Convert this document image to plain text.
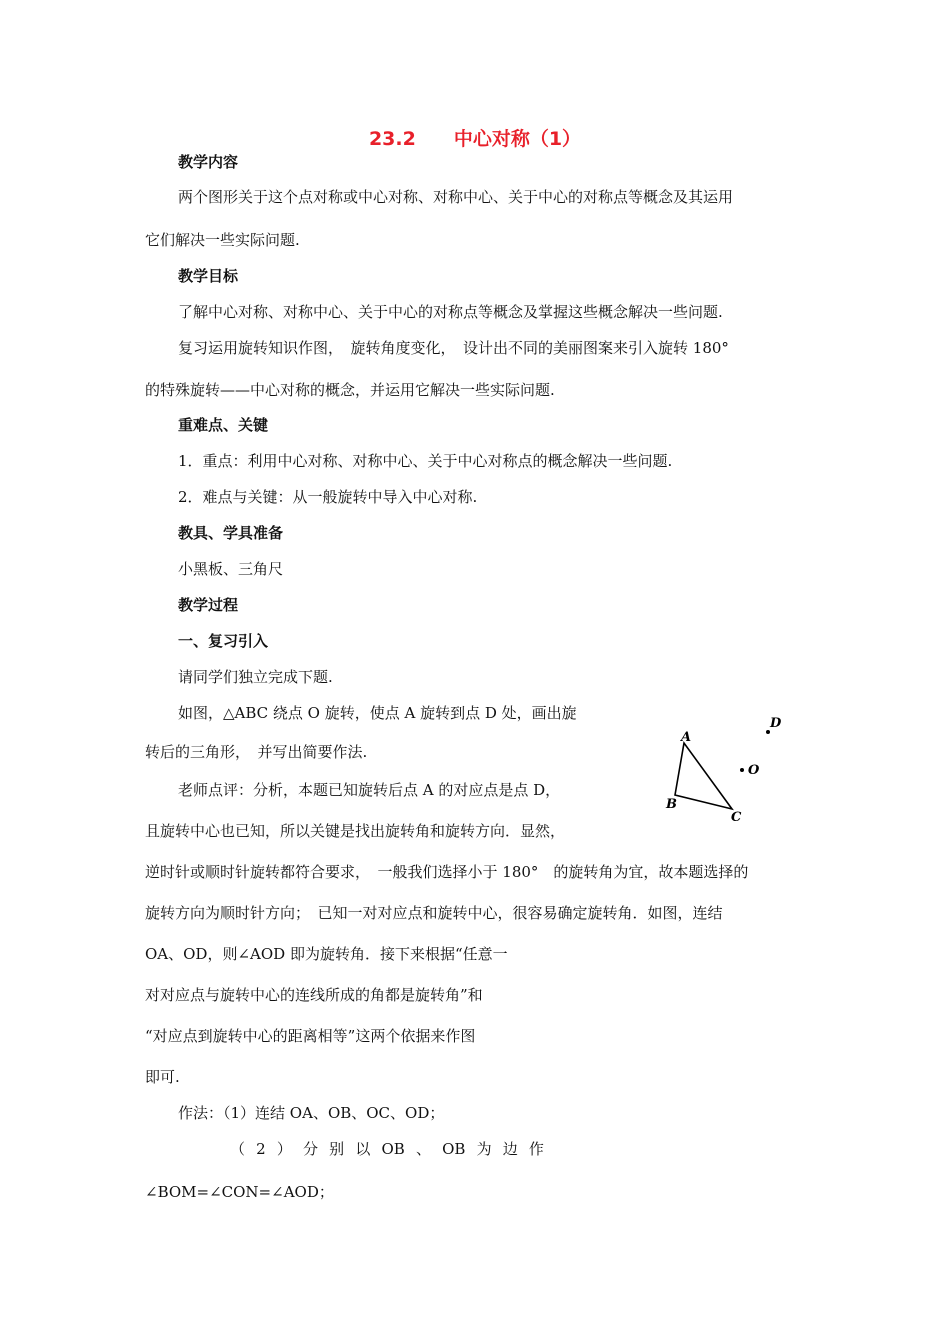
23.2　　中心对称（1）
教学内容
两个图形关于这个点对称或中心对称、对称中心、关于中心的对称点等概念及其运用
它们解决一些实际问题.
教学目标
了解中心对称、对称中心、关于中心的对称点等概念及掌握这些概念解决一些问题.
复习运用旋转知识作图，　旋转角度变化，　设计出不同的美丽图案来引入旋转 180°
的特殊旋转——中心对称的概念，并运用它解决一些实际问题.
重难点、关键
1．重点：利用中心对称、对称中心、关于中心对称点的概念解决一些问题.
2．难点与关键：从一般旋转中导入中心对称.
教具、学具准备
小黑板、三角尺
教学过程
一、复习引入
请同学们独立完成下题.
如图，△ABC 绕点 O 旋转，使点 A 旋转到点 D 处，画出旋
转后的三角形，　并写出简要作法.
老师点评：分析，本题已知旋转后点 A 的对应点是点 D，
且旋转中心也已知，所以关键是找出旋转角和旋转方向．显然，
逆时针或顺时针旋转都符合要求，　一般我们选择小于 180°　的旋转角为宜，故本题选择的
旋转方向为顺时针方向；　已知一对对应点和旋转中心，很容易确定旋转角．如图，连结
OA、OD，则∠AOD 即为旋转角．接下来根据“任意一
对对应点与旋转中心的连线所成的角都是旋转角”和
“对应点到旋转中心的距离相等”这两个依据来作图
即可.
作法：（1）连结 OA、OB、OC、OD；
（ 2 ） 分 别 以 OB 、 OB 为 边 作
∠BOM=∠CON=∠AOD；
A
B
C
D
O
